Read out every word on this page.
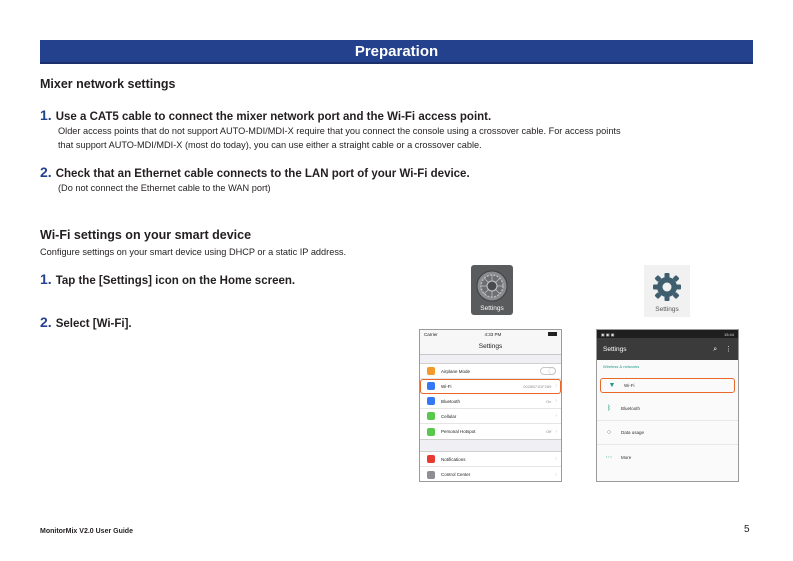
Preparation
Mixer network settings
1. Use a CAT5 cable to connect the mixer network port and the Wi-Fi access point.
Older access points that do not support AUTO-MDI/MDI-X require that you connect the console using a crossover cable. For access points
that support AUTO-MDI/MDI-X (most do today), you can use either a straight cable or a crossover cable.
2. Check that an Ethernet cable connects to the LAN port of your Wi-Fi device.
(Do not connect the Ethernet cable to the WAN port)
Wi-Fi settings on your smart device
Configure settings on your smart device using DHCP or a static IP address.
1. Tap the [Settings] icon on the Home screen.
2. Select [Wi-Fi].
Settings	Settings
Carrier	4:33 PM
Settings
Airplane Mode
Wi-Fi	0026B71DF289 ›
Bluetooth	On ›
Cellular	›
Personal Hotspot	Off ›
Notifications	›
Control Center	›
▣ ▣ ▣	15:44
Settings	⌕ ⋮
Wireless & networks
▼	Wi-Fi
ᛒ	Bluetooth
○	Data usage
⋯	More
MonitorMix V2.0 User Guide	5
